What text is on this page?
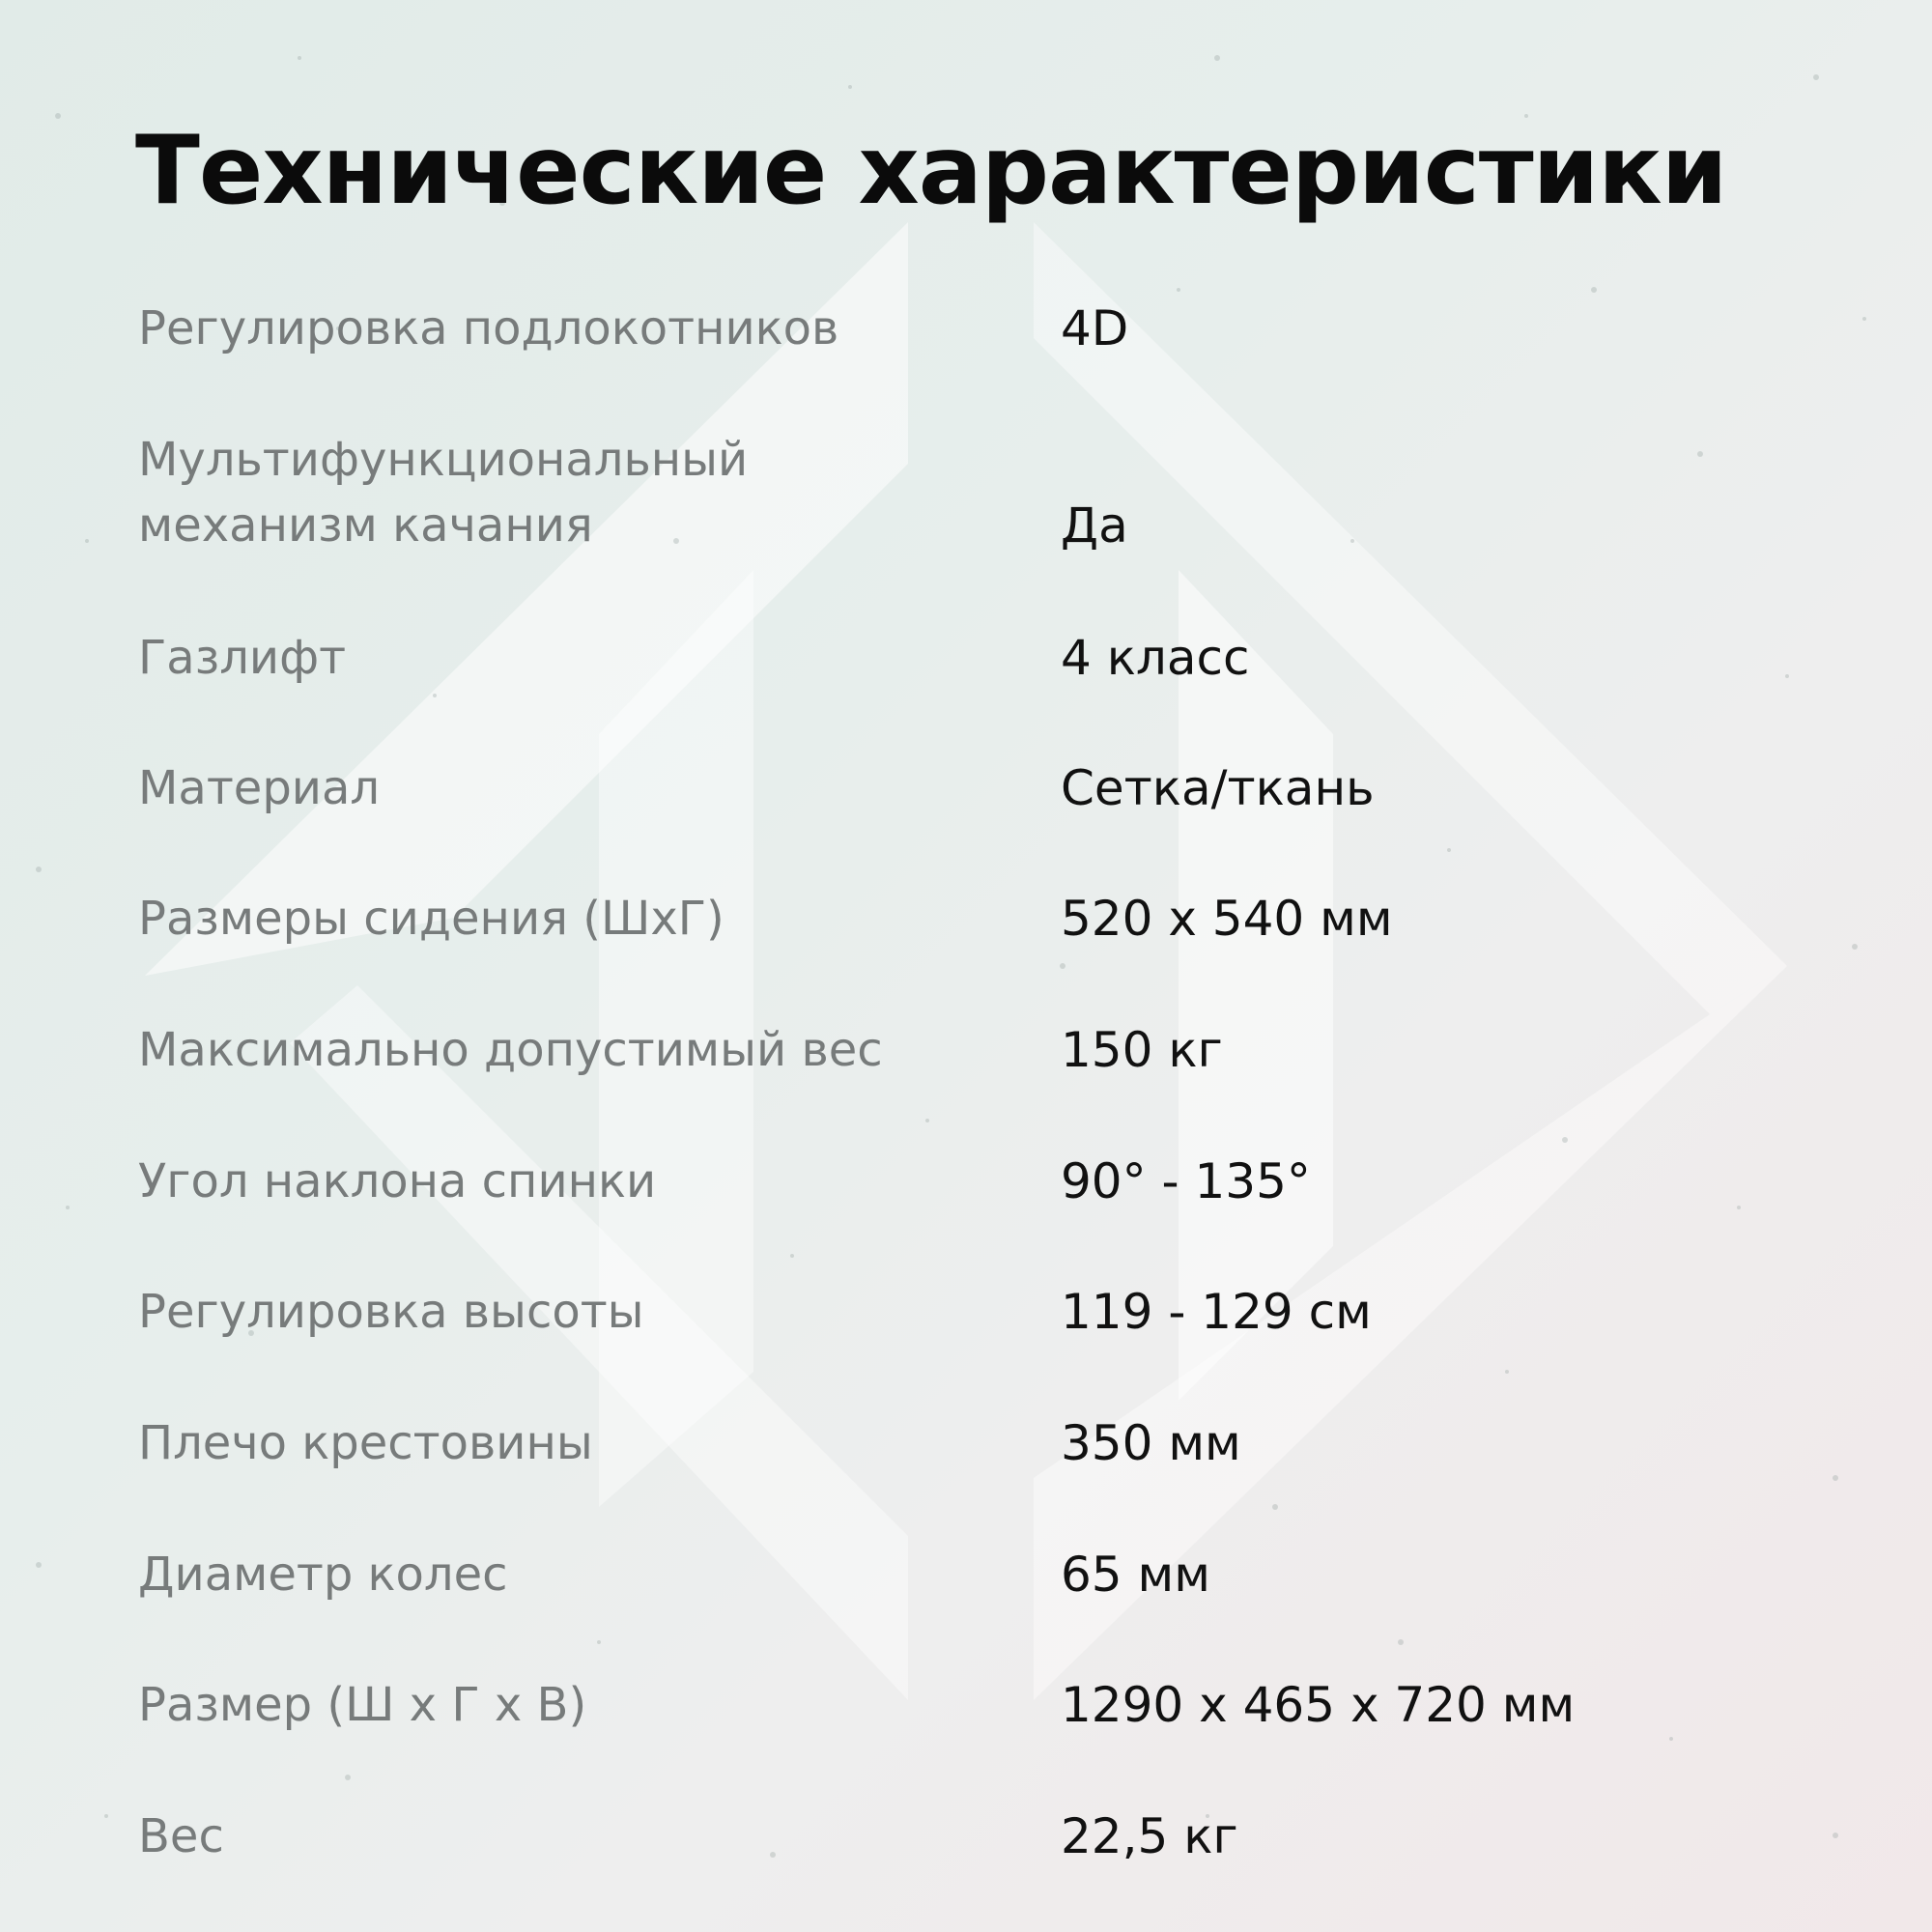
Технические характеристики
Регулировка подлокотников	4D
Мультифункциональный
механизм качания	Да
Газлифт	4 класс
Материал	Сетка/ткань
Размеры сидения (ШхГ)	520 х 540 мм
Максимально допустимый вес	150 кг
Угол наклона спинки	90° - 135°
Регулировка высоты	119 - 129 см
Плечо крестовины	350 мм
Диаметр колес	65 мм
Размер (Ш х Г х В)	1290 х 465 х 720 мм
Вес	22,5 кг
